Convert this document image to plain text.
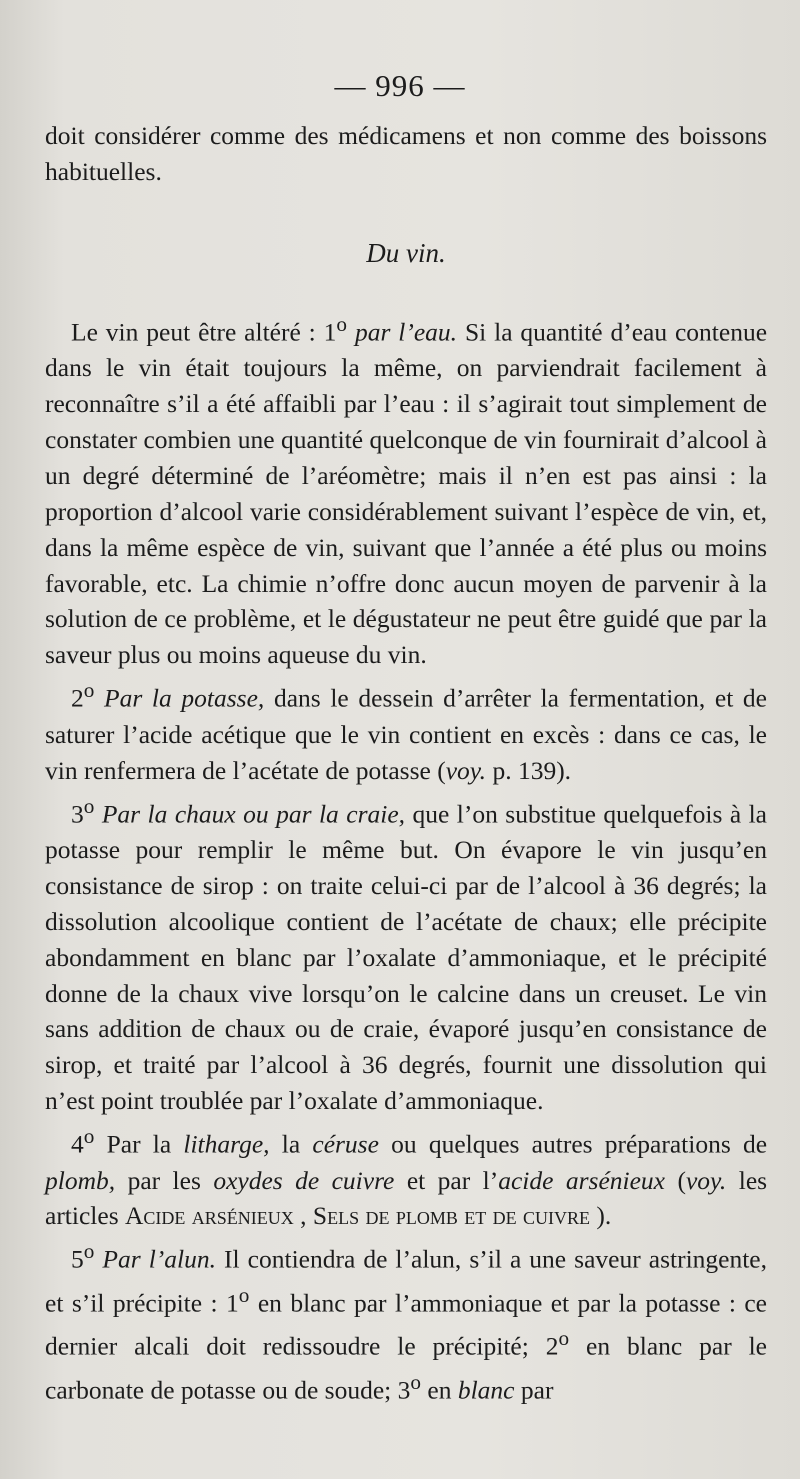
— 996 —

doit considérer comme des médicamens et non comme des boissons habituelles.

Du vin.

Le vin peut être altéré : 1$^o$ par l’eau. Si la quantité d’eau contenue dans le vin était toujours la même, on parviendrait facilement à reconnaître s’il a été affaibli par l’eau : il s’agirait tout simplement de constater combien une quantité quelconque de vin fournirait d’alcool à un degré déterminé de l’aréomètre; mais il n’en est pas ainsi : la proportion d’alcool varie considérablement suivant l’espèce de vin, et, dans la même espèce de vin, suivant que l’année a été plus ou moins favorable, etc. La chimie n’offre donc aucun moyen de parvenir à la solution de ce problème, et le dégustateur ne peut être guidé que par la saveur plus ou moins aqueuse du vin.

2$^o$ Par la potasse, dans le dessein d’arrêter la fermentation, et de saturer l’acide acétique que le vin contient en excès : dans ce cas, le vin renfermera de l’acétate de potasse (voy. p. 139).

3$^o$ Par la chaux ou par la craie, que l’on substitue quelquefois à la potasse pour remplir le même but. On évapore le vin jusqu’en consistance de sirop : on traite celui-ci par de l’alcool à 36 degrés; la dissolution alcoolique contient de l’acétate de chaux; elle précipite abondamment en blanc par l’oxalate d’ammoniaque, et le précipité donne de la chaux vive lorsqu’on le calcine dans un creuset. Le vin sans addition de chaux ou de craie, évaporé jusqu’en consistance de sirop, et traité par l’alcool à 36 degrés, fournit une dissolution qui n’est point troublée par l’oxalate d’ammoniaque.

4$^o$ Par la litharge, la céruse ou quelques autres préparations de plomb, par les oxydes de cuivre et par l’acide arsénieux (voy. les articles Acide arsénieux , Sels de plomb et de cuivre ).

5$^o$ Par l’alun. Il contiendra de l’alun, s’il a une saveur astringente, et s’il précipite : 1$^o$ en blanc par l’ammoniaque et par la potasse : ce dernier alcali doit redissoudre le précipité; 2$^o$ en blanc par le carbonate de potasse ou de soude; 3$^o$ en blanc par
